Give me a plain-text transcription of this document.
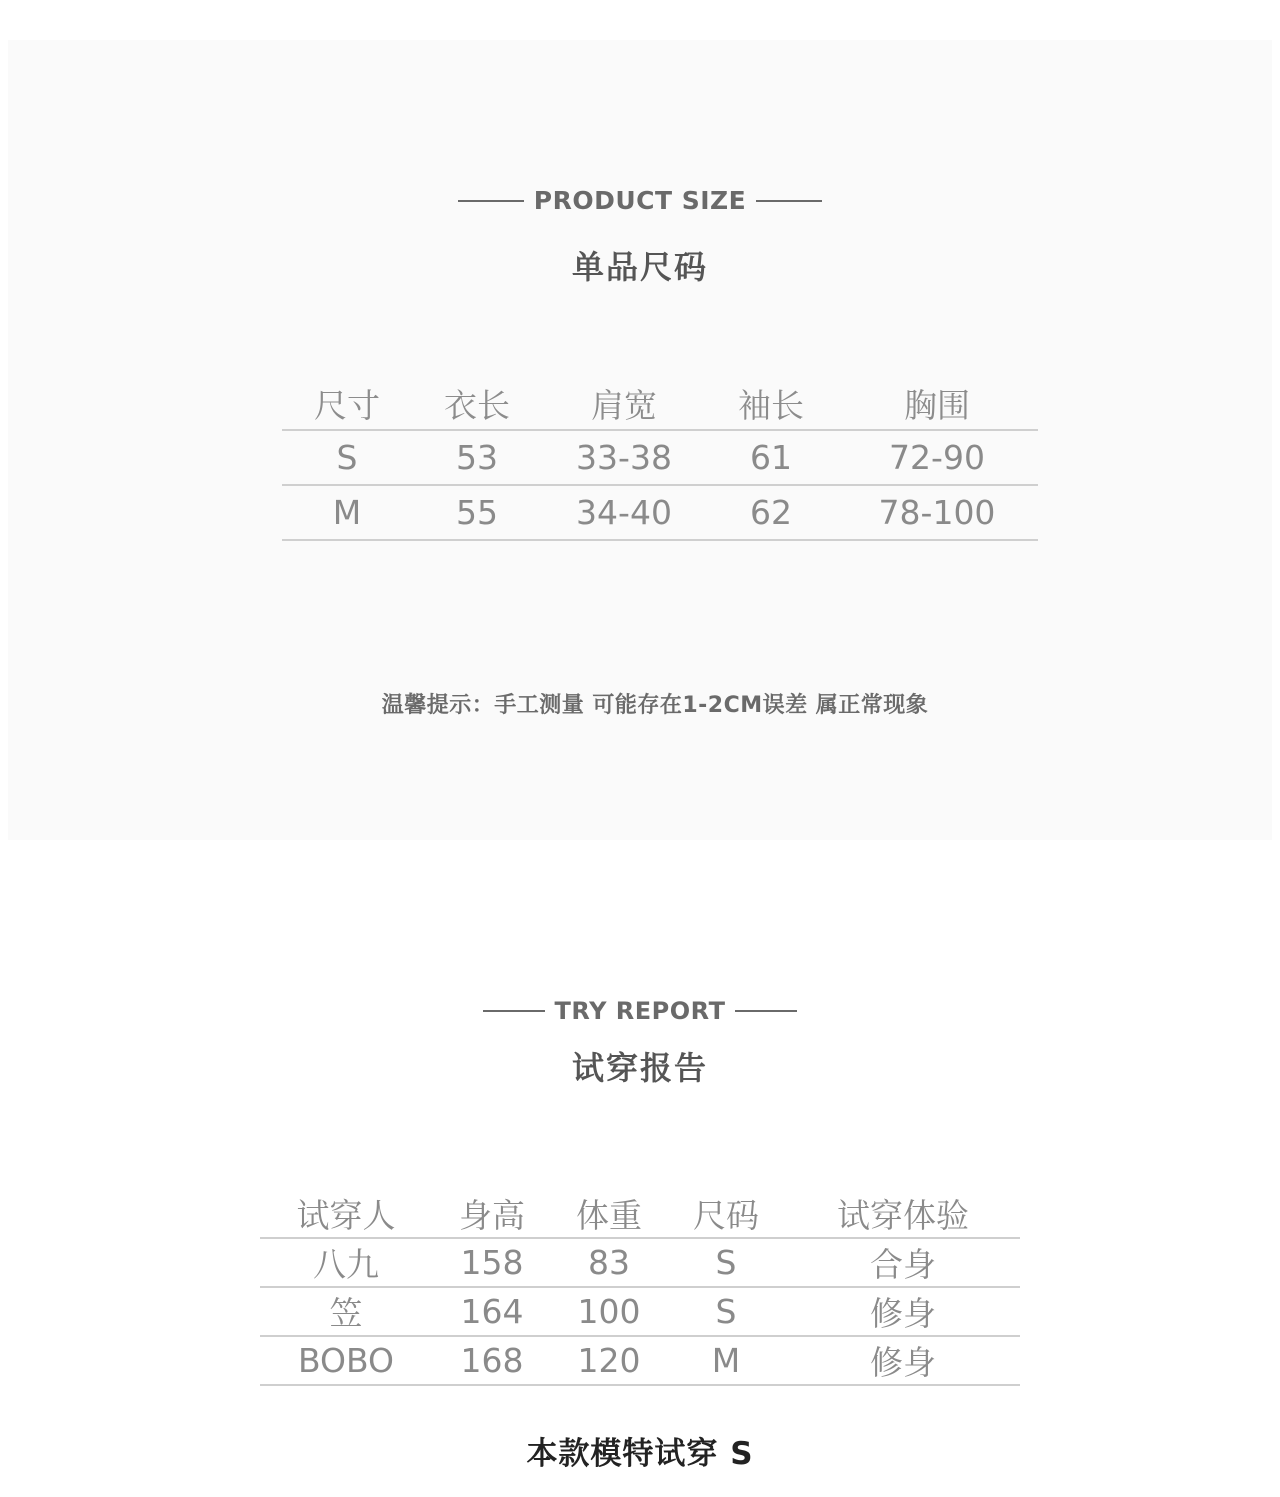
PRODUCT SIZE
单品尺码
尺寸	衣长	肩宽	袖长	胸围
S	53	33-38	61	72-90
M	55	34-40	62	78-100
温馨提示：手工测量 可能存在1-2CM误差 属正常现象
TRY REPORT
试穿报告
试穿人	身高	体重	尺码	试穿体验
八九	158	83	S	合身
笠	164	100	S	修身
BOBO	168	120	M	修身
本款模特试穿 S
